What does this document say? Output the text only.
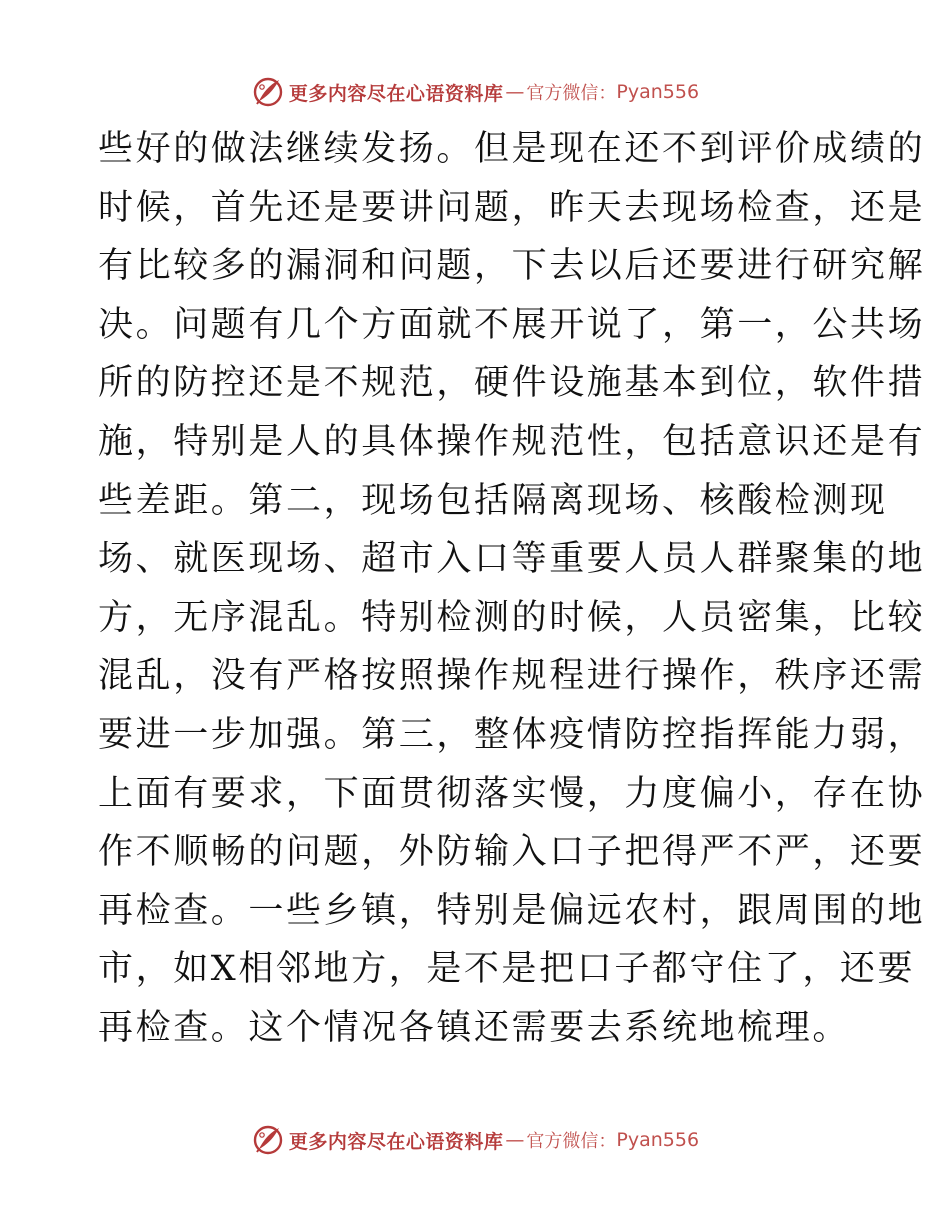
更多内容尽在心语资料库 — 官方微信： Pyan556
些好的做法继续发扬。但是现在还不到评价成绩的
时候，首先还是要讲问题，昨天去现场检查，还是
有比较多的漏洞和问题，下去以后还要进行研究解
决。问题有几个方面就不展开说了，第一，公共场
所的防控还是不规范，硬件设施基本到位，软件措
施，特别是人的具体操作规范性，包括意识还是有
些差距。第二，现场包括隔离现场、核酸检测现
场、就医现场、超市入口等重要人员人群聚集的地
方，无序混乱。特别检测的时候，人员密集，比较
混乱，没有严格按照操作规程进行操作，秩序还需
要进一步加强。第三，整体疫情防控指挥能力弱，
上面有要求，下面贯彻落实慢，力度偏小，存在协
作不顺畅的问题，外防输入口子把得严不严，还要
再检查。一些乡镇，特别是偏远农村，跟周围的地
市，如X相邻地方，是不是把口子都守住了，还要
再检查。这个情况各镇还需要去系统地梳理。
更多内容尽在心语资料库 — 官方微信： Pyan556
